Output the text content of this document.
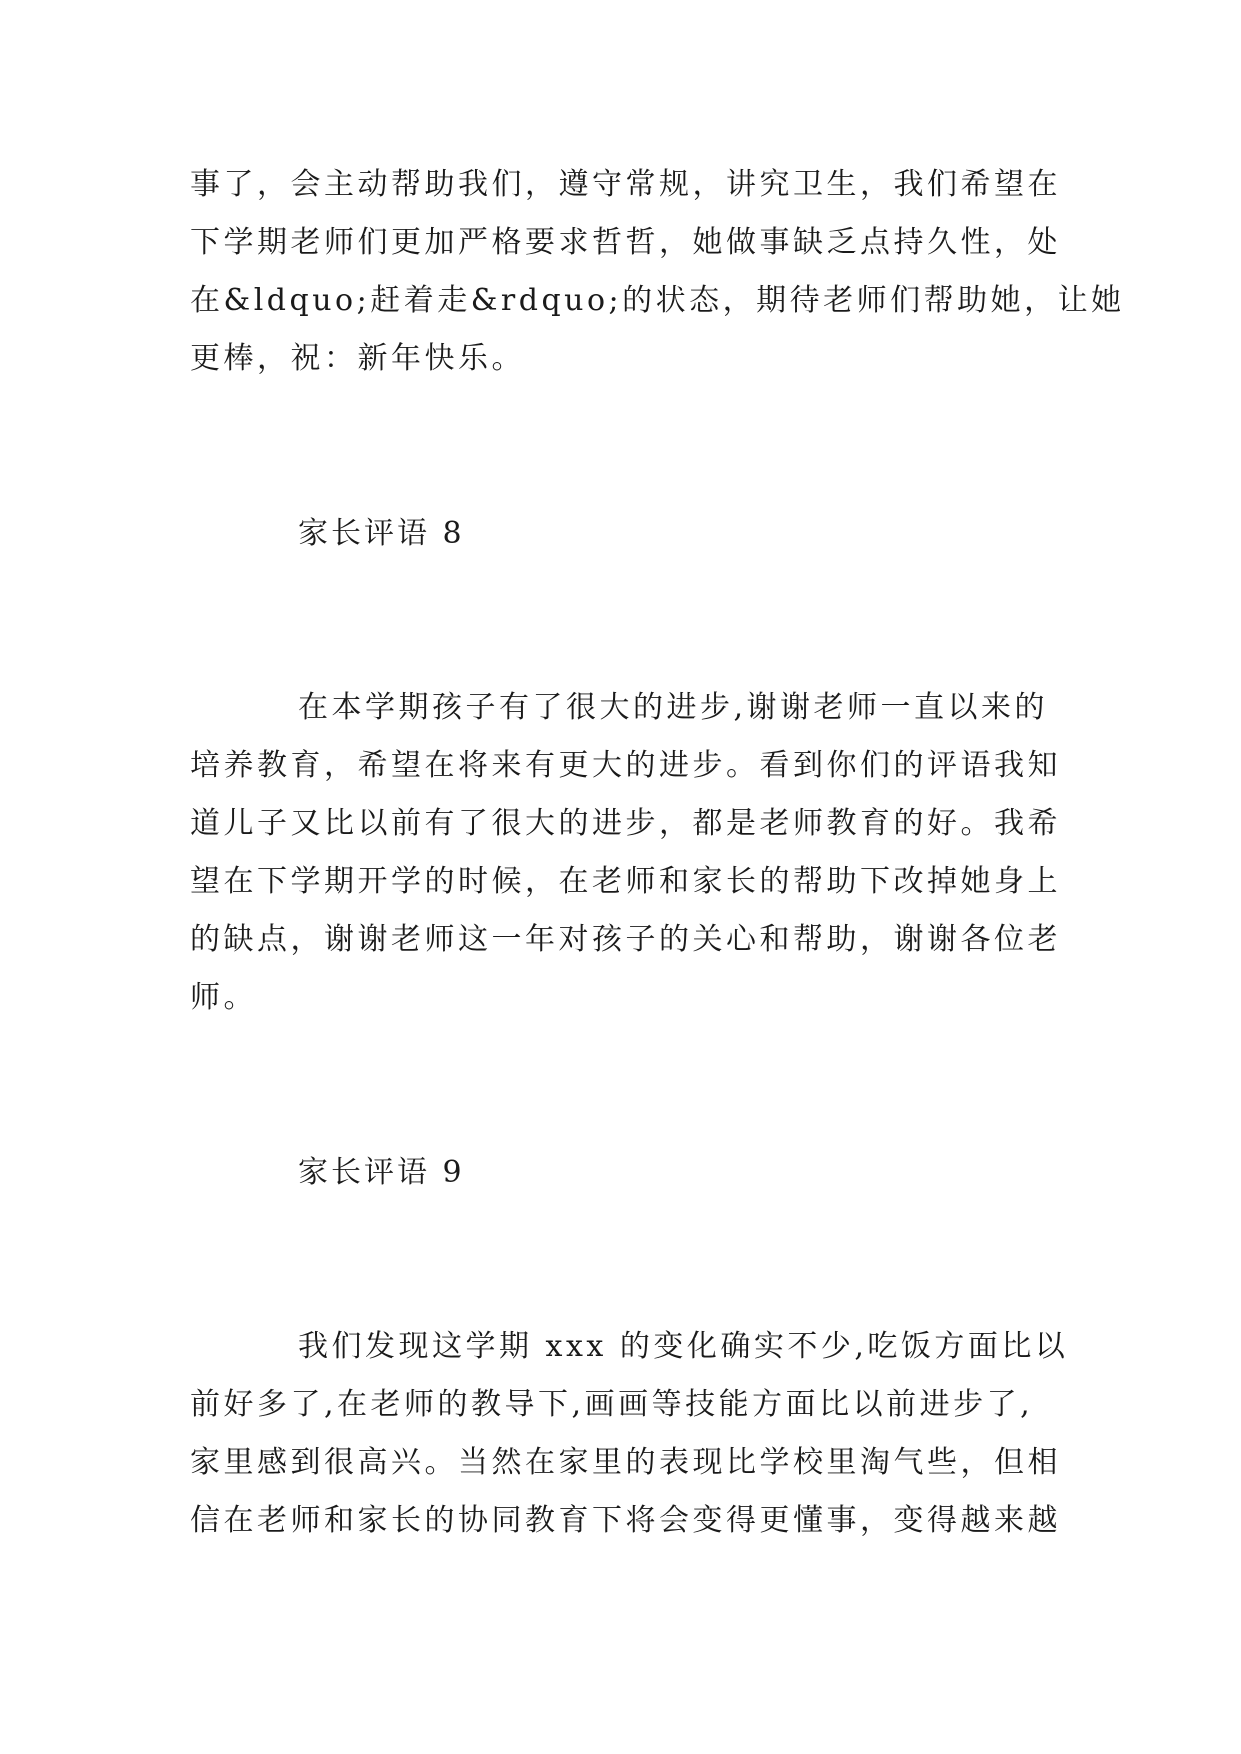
事了，会主动帮助我们，遵守常规，讲究卫生，我们希望在
下学期老师们更加严格要求哲哲，她做事缺乏点持久性，处
在&ldquo;赶着走&rdquo;的状态，期待老师们帮助她，让她
更棒，祝：新年快乐。
家长评语 8
在本学期孩子有了很大的进步,谢谢老师一直以来的
培养教育，希望在将来有更大的进步。看到你们的评语我知
道儿子又比以前有了很大的进步，都是老师教育的好。我希
望在下学期开学的时候，在老师和家长的帮助下改掉她身上
的缺点，谢谢老师这一年对孩子的关心和帮助，谢谢各位老
师。
家长评语 9
我们发现这学期 xxx 的变化确实不少,吃饭方面比以
前好多了,在老师的教导下,画画等技能方面比以前进步了,
家里感到很高兴。当然在家里的表现比学校里淘气些，但相
信在老师和家长的协同教育下将会变得更懂事，变得越来越
